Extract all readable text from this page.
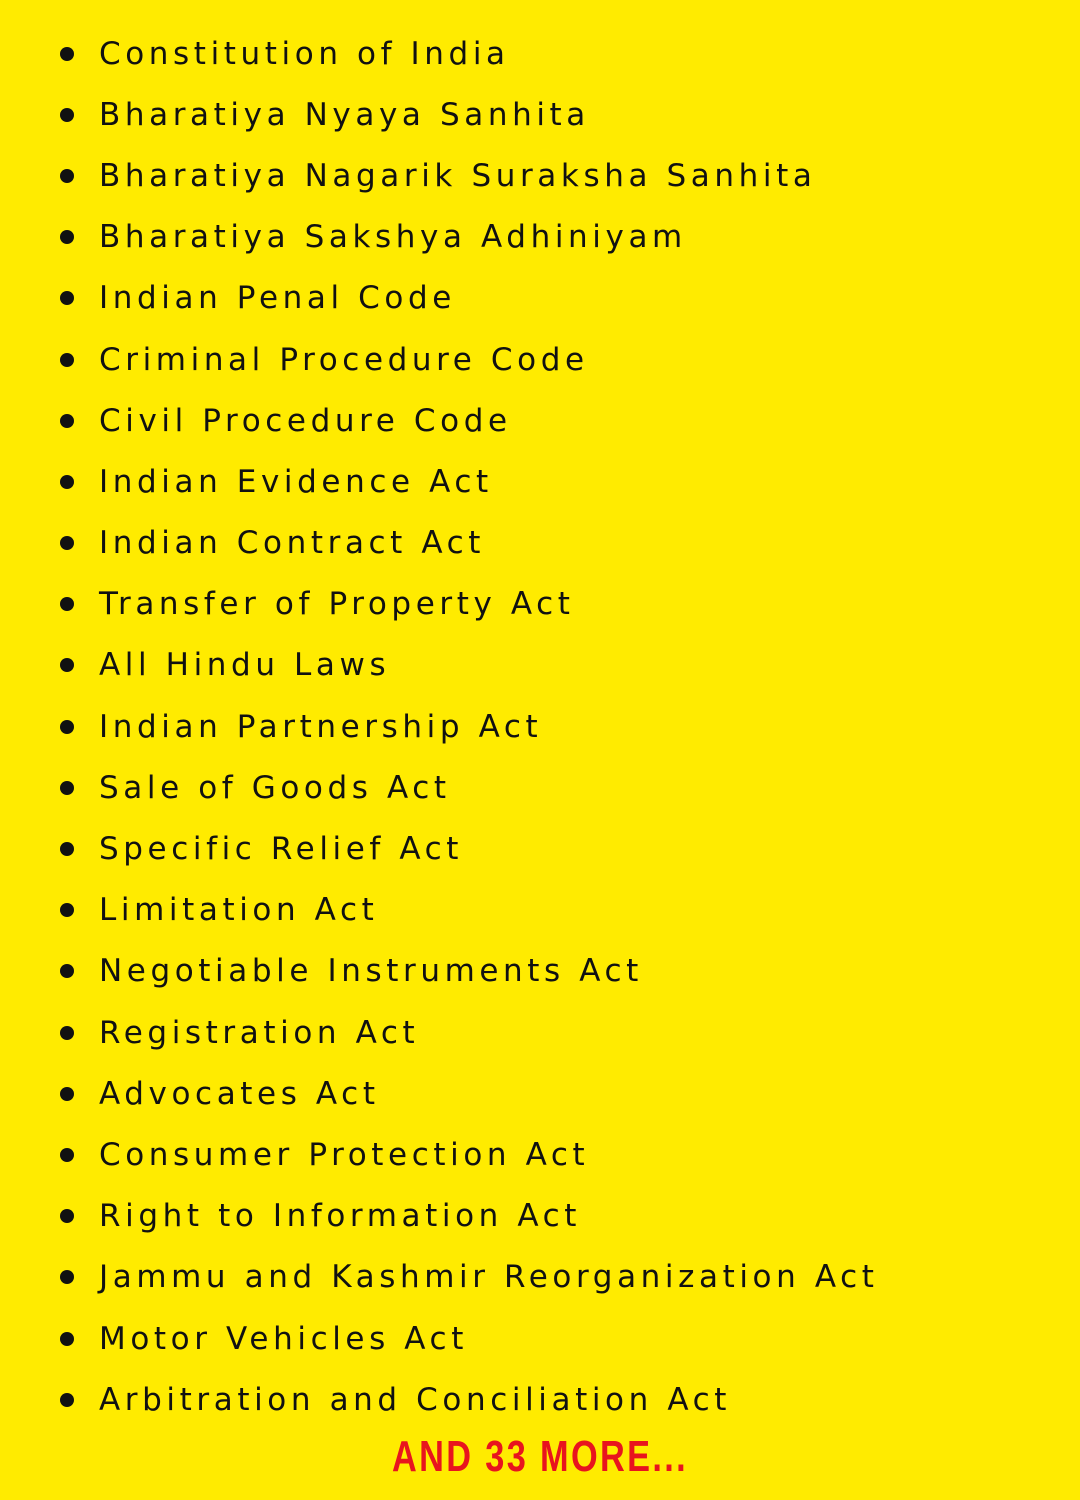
Constitution of India
Bharatiya Nyaya Sanhita
Bharatiya Nagarik Suraksha Sanhita
Bharatiya Sakshya Adhiniyam
Indian Penal Code
Criminal Procedure Code
Civil Procedure Code
Indian Evidence Act
Indian Contract Act
Transfer of Property Act
All Hindu Laws
Indian Partnership Act
Sale of Goods Act
Specific Relief Act
Limitation Act
Negotiable Instruments Act
Registration Act
Advocates Act
Consumer Protection Act
Right to Information Act
Jammu and Kashmir Reorganization Act
Motor Vehicles Act
Arbitration and Conciliation Act

AND 33 MORE...
